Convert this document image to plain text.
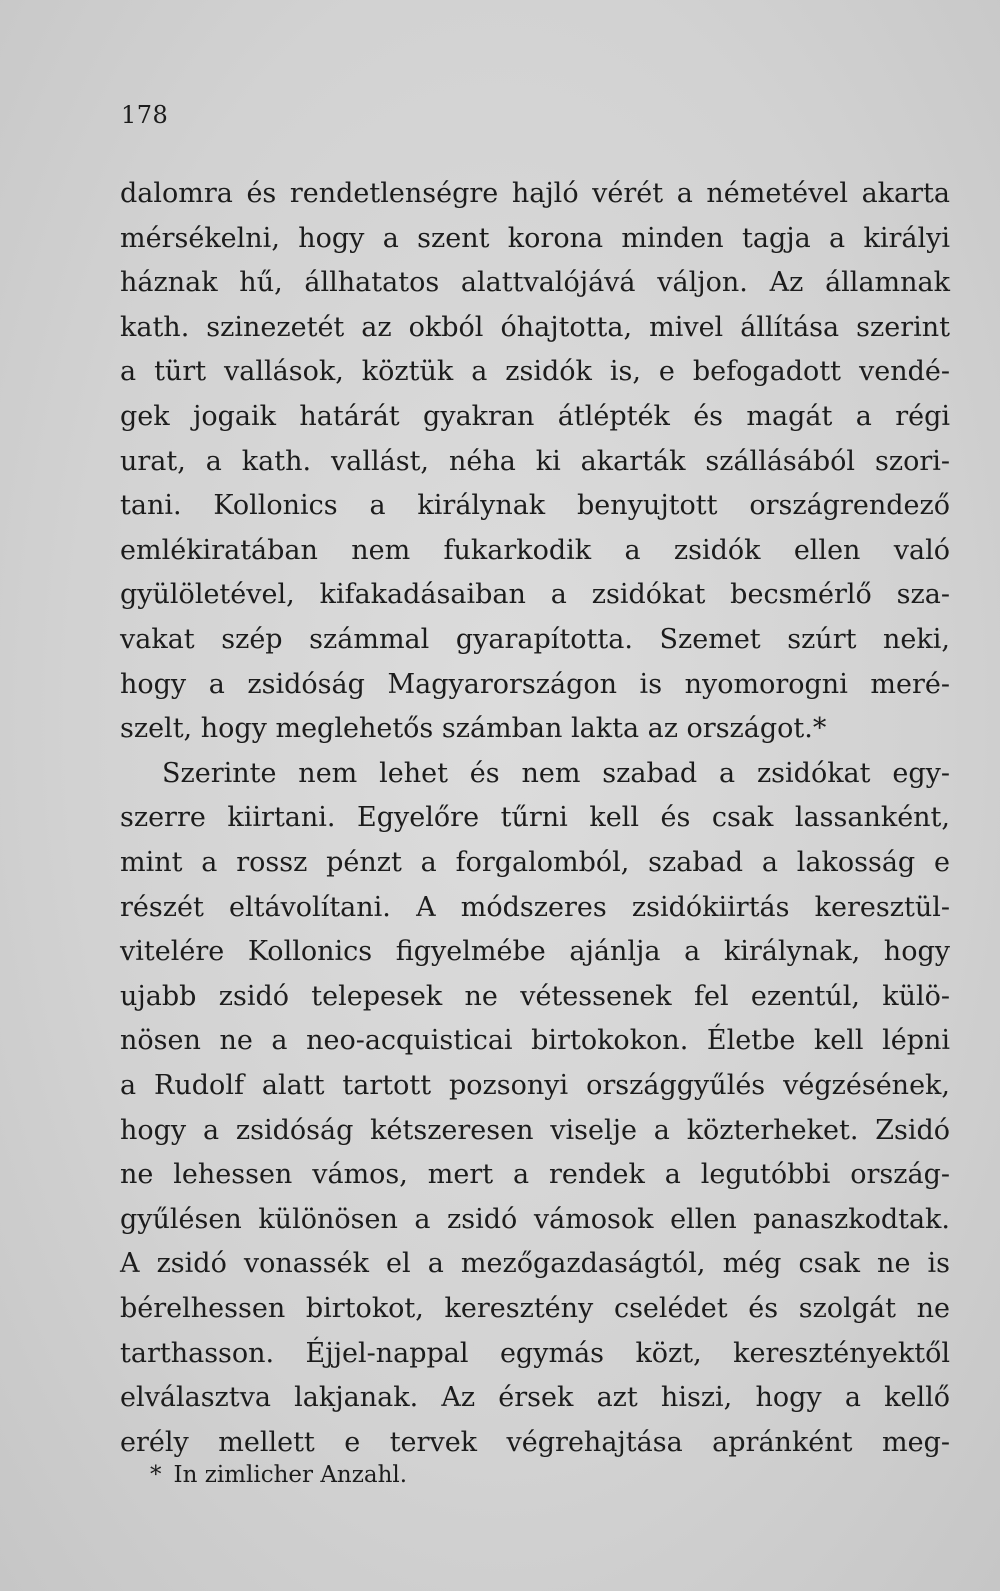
178
dalomra és rendetlenségre hajló vérét a németével akarta
mérsékelni, hogy a szent korona minden tagja a királyi
háznak hű, állhatatos alattvalójává váljon. Az államnak
kath. szinezetét az okból óhajtotta, mivel állítása szerint
a türt vallások, köztük a zsidók is, e befogadott vendé-
gek jogaik határát gyakran átlépték és magát a régi
urat, a kath. vallást, néha ki akarták szállásából szori-
tani. Kollonics a királynak benyujtott országrendező
emlékiratában nem fukarkodik a zsidók ellen való
gyülöletével, kifakadásaiban a zsidókat becsmérlő sza-
vakat szép számmal gyarapította. Szemet szúrt neki,
hogy a zsidóság Magyarországon is nyomorogni meré-
szelt, hogy meglehetős számban lakta az országot.*
Szerinte nem lehet és nem szabad a zsidókat egy-
szerre kiirtani. Egyelőre tűrni kell és csak lassanként,
mint a rossz pénzt a forgalomból, szabad a lakosság e
részét eltávolítani. A módszeres zsidókiirtás keresztül-
vitelére Kollonics figyelmébe ajánlja a királynak, hogy
ujabb zsidó telepesek ne vétessenek fel ezentúl, külö-
nösen ne a neo-acquisticai birtokokon. Életbe kell lépni
a Rudolf alatt tartott pozsonyi országgyűlés végzésének,
hogy a zsidóság kétszeresen viselje a közterheket. Zsidó
ne lehessen vámos, mert a rendek a legutóbbi ország-
gyűlésen különösen a zsidó vámosok ellen panaszkodtak.
A zsidó vonassék el a mezőgazdaságtól, még csak ne is
bérelhessen birtokot, keresztény cselédet és szolgát ne
tarthasson. Éjjel-nappal egymás közt, keresztényektől
elválasztva lakjanak. Az érsek azt hiszi, hogy a kellő
erély mellett e tervek végrehajtása apránként meg-
* In zimlicher Anzahl.
